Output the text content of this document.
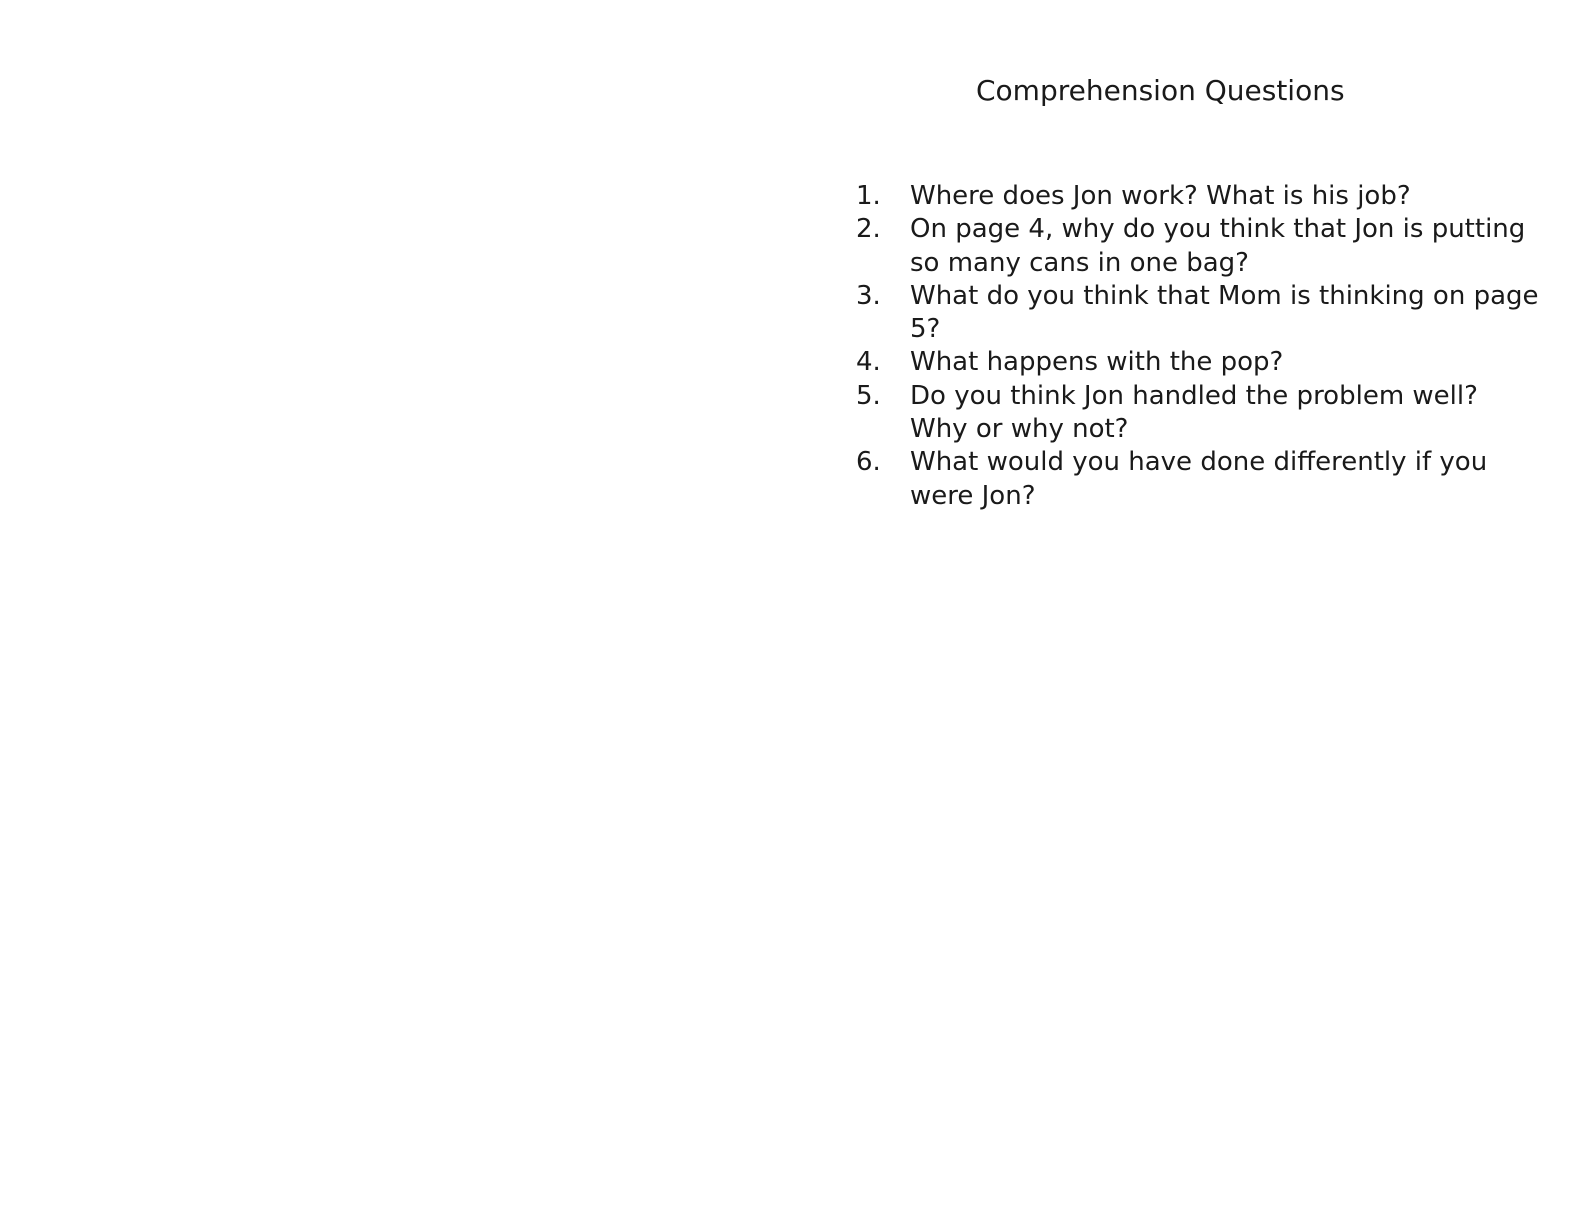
Comprehension Questions
1.	Where does Jon work? What is his job?
2.	On page 4, why do you think that Jon is putting so many cans in one bag?
3.	What do you think that Mom is thinking on page 5?
4.	What happens with the pop?
5.	Do you think Jon handled the problem well? Why or why not?
6.	What would you have done differently if you were Jon?
